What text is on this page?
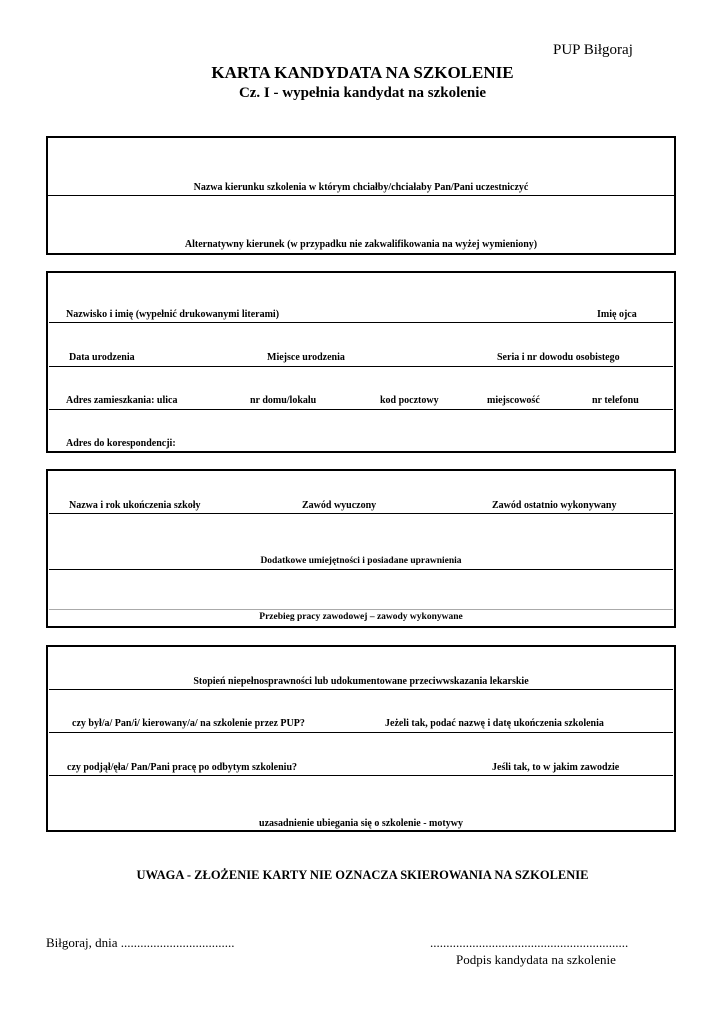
PUP Biłgoraj
KARTA KANDYDATA NA SZKOLENIE
Cz. I - wypełnia kandydat na szkolenie
Nazwa kierunku szkolenia w którym chciałby/chciałaby Pan/Pani uczestniczyć
Alternatywny kierunek (w przypadku nie zakwalifikowania na wyżej wymieniony)
Nazwisko i imię (wypełnić drukowanymi literami)	Imię ojca
Data urodzenia	Miejsce urodzenia	Seria i nr dowodu osobistego
Adres zamieszkania: ulica	nr domu/lokalu	kod pocztowy	miejscowość	nr telefonu
Adres do korespondencji:
Nazwa i rok ukończenia szkoły	Zawód wyuczony	Zawód ostatnio wykonywany
Dodatkowe umiejętności i posiadane uprawnienia
Przebieg pracy zawodowej – zawody wykonywane
Stopień niepełnosprawności lub udokumentowane przeciwwskazania lekarskie
czy był/a/ Pan/i/ kierowany/a/ na szkolenie przez PUP?	Jeżeli tak, podać nazwę i datę ukończenia szkolenia
czy podjął/ęła/ Pan/Pani pracę po odbytym szkoleniu?	Jeśli tak, to w jakim zawodzie
uzasadnienie ubiegania się o szkolenie - motywy
UWAGA - ZŁOŻENIE KARTY NIE OZNACZA SKIEROWANIA NA SZKOLENIE
Biłgoraj, dnia ...................................	.............................................................
Podpis kandydata na szkolenie
